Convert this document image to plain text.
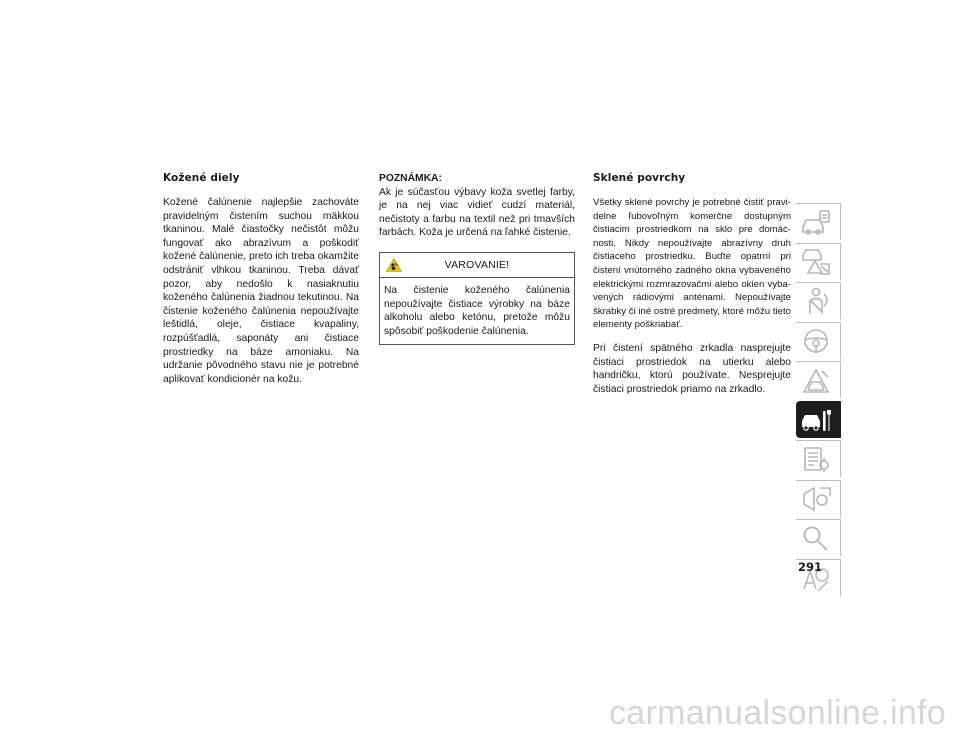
Kožené diely

Kožené čalúnenie najlepšie zachováte pravidelným čistením suchou mäkkou tkaninou. Malé čiastočky nečistôt môžu fungovať ako abrazívum a poškodiť kožené čalúnenie, preto ich treba okamžite odstrániť vlhkou tkaninou. Treba dávať pozor, aby nedošlo k nasiaknutiu koženého čalúnenia žiadnou tekutinou. Na čistenie koženého čalúnenia nepoužívajte leštidlá, oleje, čistiace kvapaliny, rozpúšťadlá, saponáty ani čistiace prostriedky na báze amoniaku. Na udržanie pôvodného stavu nie je potrebné aplikovať kondicionér na kožu.

POZNÁMKA:

Ak je súčasťou výbavy koža svetlej farby, je na nej viac vidieť cudzí materiál, nečistoty a farbu na textil než pri tmavších farbách. Koža je určená na ľahké čistenie.

VAROVANIE!

Na čistenie koženého čalúnenia nepoužívajte čistiace výrobky na báze alkoholu alebo ketónu, pretože môžu spôsobiť poškodenie čalúnenia.

Sklené povrchy

Všetky sklené povrchy je potrebné čistiť pravidelne ľubovoľným komerčne dostupným čistiacim prostriedkom na sklo pre domácnosti. Nikdy nepoužívajte abrazívny druh čistiaceho prostriedku. Buďte opatrní pri čistení vnútorného zadného okna vybaveného elektrickými rozmrazovačmi alebo okien vybavených rádiovými anténami. Nepoužívajte škrabky či iné ostré predmety, ktoré môžu tieto elementy poškriabať.

Pri čistení spätného zrkadla nasprejujte čistiaci prostriedok na utierku alebo handričku, ktorú používate. Nesprejujte čistiaci prostriedok priamo na zrkadlo.

291
carmanualsonline.info
